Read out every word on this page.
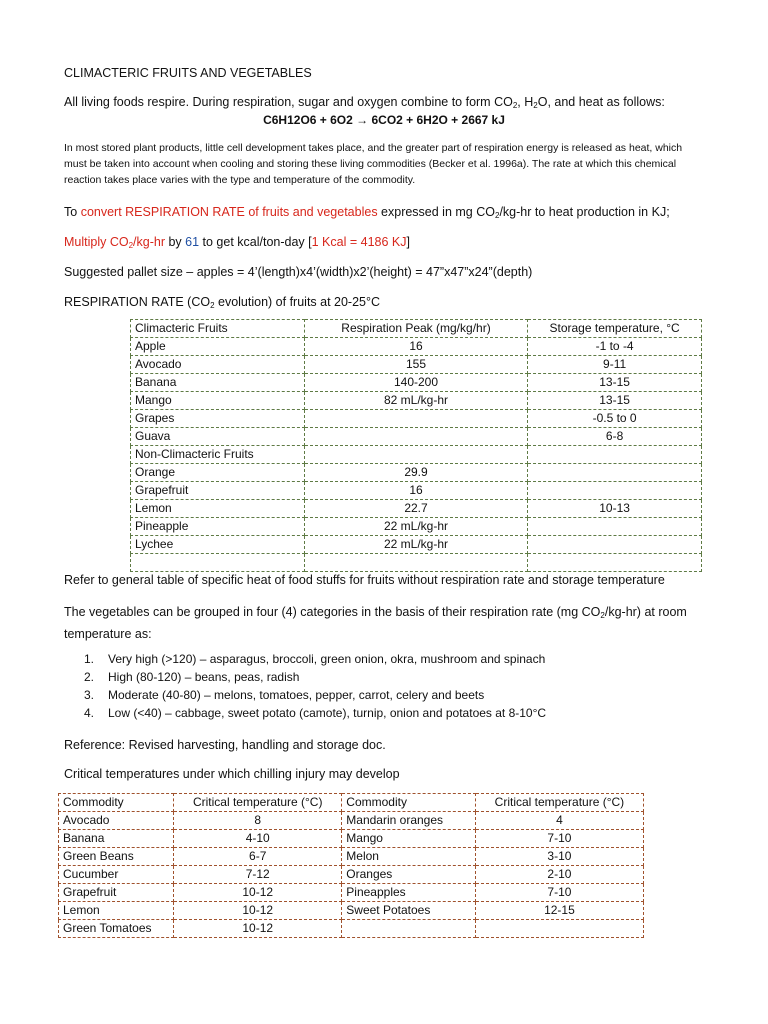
CLIMACTERIC FRUITS AND VEGETABLES
All living foods respire. During respiration, sugar and oxygen combine to form $CO_2$, $H_2O$, and heat as follows:
C6H12O6 + 6O2 → 6CO2 + 6H2O + 2667 kJ
In most stored plant products, little cell development takes place, and the greater part of respiration energy is released as heat, which must be taken into account when cooling and storing these living commodities (Becker et al. 1996a). The rate at which this chemical reaction takes place varies with the type and temperature of the commodity.
To convert RESPIRATION RATE of fruits and vegetables expressed in mg $CO_2/kg-hr$ to heat production in KJ;
Multiply $CO_2/kg-hr$ by 61 to get kcal/ton-day [1 Kcal = 4186 KJ]
Suggested pallet size – apples = 4’(length)x4’(width)x2’(height) = 47”x47”x24”(depth)
RESPIRATION RATE ($CO_2$ evolution) of fruits at 20-25°C
Climacteric Fruits	Respiration Peak (mg/kg/hr)	Storage temperature, °C
Apple	16	-1 to -4
Avocado	155	9-11
Banana	140-200	13-15
Mango	82 mL/kg-hr	13-15
Grapes		-0.5 to 0
Guava		6-8
Non-Climacteric Fruits		
Orange	29.9	
Grapefruit	16	
Lemon	22.7	10-13
Pineapple	22 mL/kg-hr	
Lychee	22 mL/kg-hr	

Refer to general table of specific heat of food stuffs for fruits without respiration rate and storage temperature
The vegetables can be grouped in four (4) categories in the basis of their respiration rate (mg $CO_2/kg-hr$) at room temperature as:
1. Very high (>120) – asparagus, broccoli, green onion, okra, mushroom and spinach
2. High (80-120) – beans, peas, radish
3. Moderate (40-80) – melons, tomatoes, pepper, carrot, celery and beets
4. Low (<40) – cabbage, sweet potato (camote), turnip, onion and potatoes at 8-10°C
Reference: Revised harvesting, handling and storage doc.
Critical temperatures under which chilling injury may develop
Commodity	Critical temperature (°C)	Commodity	Critical temperature (°C)
Avocado	8	Mandarin oranges	4
Banana	4-10	Mango	7-10
Green Beans	6-7	Melon	3-10
Cucumber	7-12	Oranges	2-10
Grapefruit	10-12	Pineapples	7-10
Lemon	10-12	Sweet Potatoes	12-15
Green Tomatoes	10-12		
